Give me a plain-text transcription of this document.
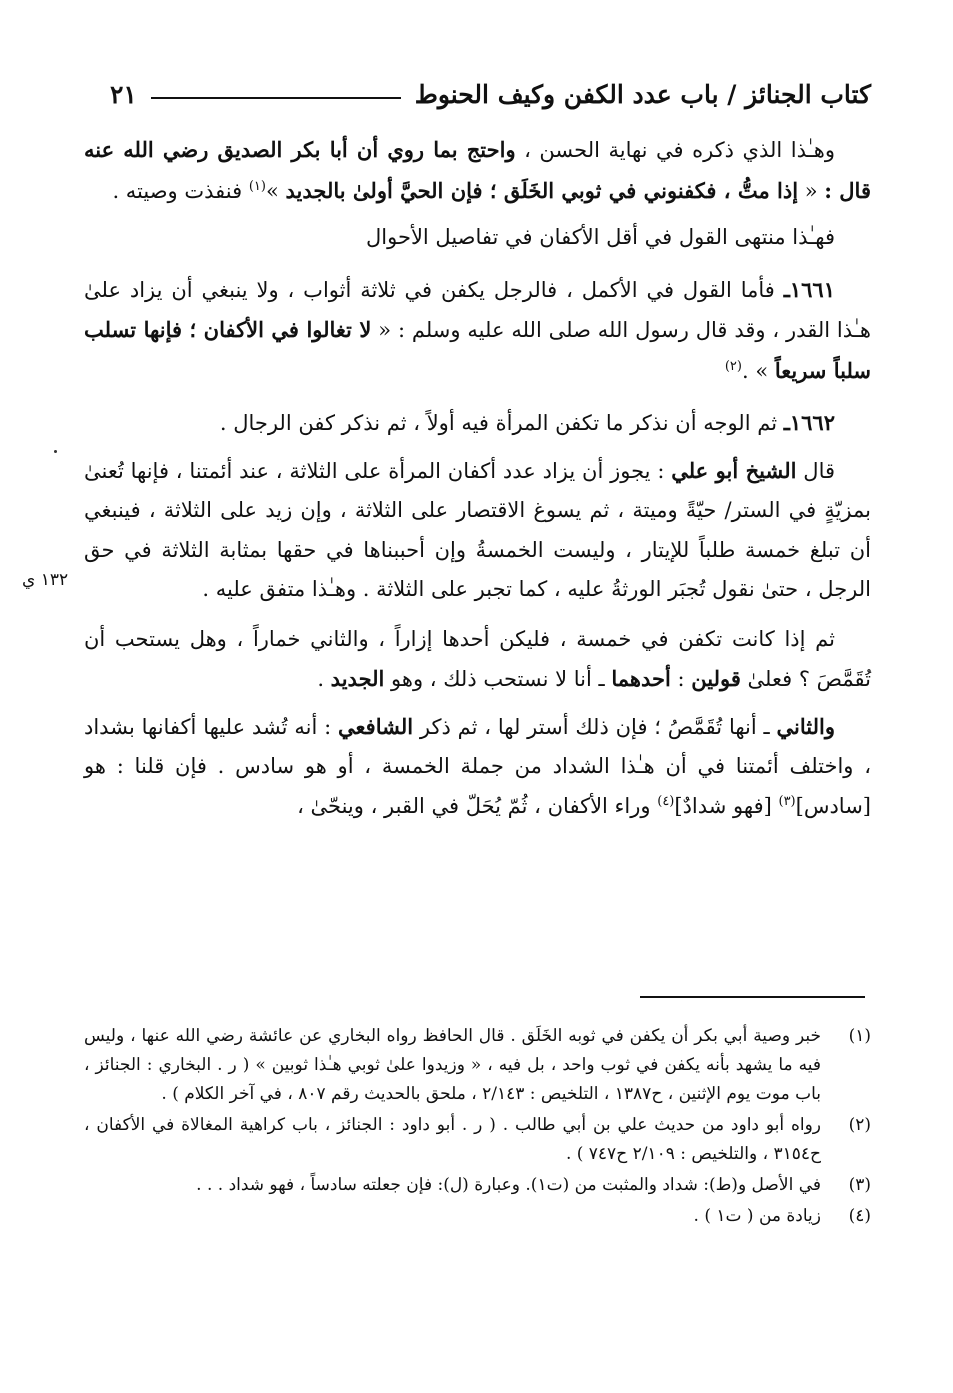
كتاب الجنائز / باب عدد الكفن وكيف الحنوط
٢١

وهـٰذا الذي ذكره في نهاية الحسن ، واحتج بما روي أن أبا بكر الصديق رضي الله عنه قال : « إذا متُّ ، فكفنوني في ثوبي الخَلَق ؛ فإن الحيَّ أولىٰ بالجديد »$^{(١)}$ فنفذت وصيته .

فهـٰذا منتهى القول في أقل الأكفان في تفاصيل الأحوال

١٦٦١ـ فأما القول في الأكمل ، فالرجل يكفن في ثلاثة أثواب ، ولا ينبغي أن يزاد علىٰ هـٰذا القدر ، وقد قال رسول الله صلى الله عليه وسلم : « لا تغالوا في الأكفان ؛ فإنها تسلب سلباً سريعاً » .$^{(٢)}$

١٦٦٢ـ ثم الوجه أن نذكر ما تكفن المرأة فيه أولاً ، ثم نذكر كفن الرجال .

قال الشيخ أبو علي : يجوز أن يزاد عدد أكفان المرأة على الثلاثة ، عند أئمتنا ، فإنها تُعنىٰ بمزيّةٍ في الستر/ حيّةً وميتة ، ثم يسوغ الاقتصار على الثلاثة ، وإن زيد على الثلاثة ، فينبغي أن تبلغ خمسة طلباً للإيتار ، وليست الخمسةُ وإن أحببناها في حقها بمثابة الثلاثة في حق الرجل ، حتىٰ نقول تُجبَر الورثةُ عليه ، كما تجبر على الثلاثة . وهـٰذا متفق عليه .

ثم إذا كانت تكفن في خمسة ، فليكن أحدها إزاراً ، والثاني خماراً ، وهل يستحب أن تُقَمَّصَ ؟ فعلىٰ قولين : أحدهما ـ أنا لا نستحب ذلك ، وهو الجديد .

والثاني ـ أنها تُقَمَّصُ ؛ فإن ذلك أستر لها ، ثم ذكر الشافعي : أنه تُشد عليها أكفانها بشداد ، واختلف أئمتنا في أن هـٰذا الشداد من جملة الخمسة ، أو هو سادس . فإن قلنا : هو [سادس]$^{(٣)}$ [فهو شدادٌ]$^{(٤)}$ وراء الأكفان ، ثُمّ يُحَلّ في القبر ، وينحّىٰ ،

١٣٢ ي
(١)
خبر وصية أبي بكر أن يكفن في ثوبه الخَلَق . قال الحافظ رواه البخاري عن عائشة رضي الله عنها ، وليس فيه ما يشهد بأنه يكفن في ثوب واحد ، بل فيه ، « وزيدوا علىٰ ثوبي هـٰذا ثوبين » ( ر . البخاري : الجنائز ، باب موت يوم الإثنين ، ح١٣٨٧ ، التلخيص : ٢/١٤٣ ، ملحق بالحديث رقم ٨٠٧ ، في آخر الكلام ) .
(٢)
رواه أبو داود من حديث علي بن أبي طالب . ( ر . أبو داود : الجنائز ، باب كراهية المغالاة في الأكفان ، ح٣١٥٤ ، والتلخيص : ٢/١٠٩ ح٧٤٧ ) .
(٣)
في الأصل و(ط): شداد والمثبت من (ت١). وعبارة (ل): فإن جعلته سادساً ، فهو شداد . . .
(٤)
زيادة من ( ت١ ) .
